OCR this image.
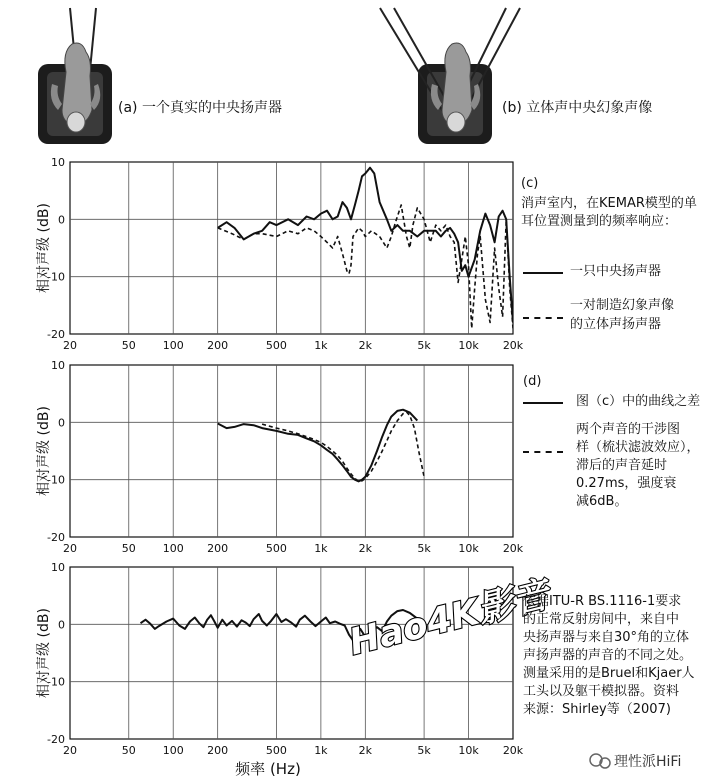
(a) 一个真实的中央扬声器	(b) 立体声中央幻象声像
20	50 100 200	500 1k	2k	5k	10k 20k
10
0
-10
-20
相对声级 (dB)
20	50 100 200	500 1k	2k	5k	10k 20k
10
0
-10
-20
相对声级 (dB)
20	50 100 200	500 1k	2k	5k	10k 20k
10
0
-10
-20
相对声级 (dB)
频率 (Hz)
Hao4K影音
理性派HiFi
(c)
消声室内，在KEMAR模型的单
耳位置测量到的频率响应：
一只中央扬声器
一对制造幻象声像
的立体声扬声器
(d)
图（c）中的曲线之差
两个声音的干涉图
样（梳状滤波效应），
滞后的声音延时
0.27ms，强度衰
减6dB。
依据ITU-R BS.1116-1要求
的正常反射房间中，来自中
央扬声器与来自30°角的立体
声扬声器的声音的不同之处。
测量采用的是Bruel和Kjaer人
工头以及躯干模拟器。资料
来源：Shirley等（2007)
